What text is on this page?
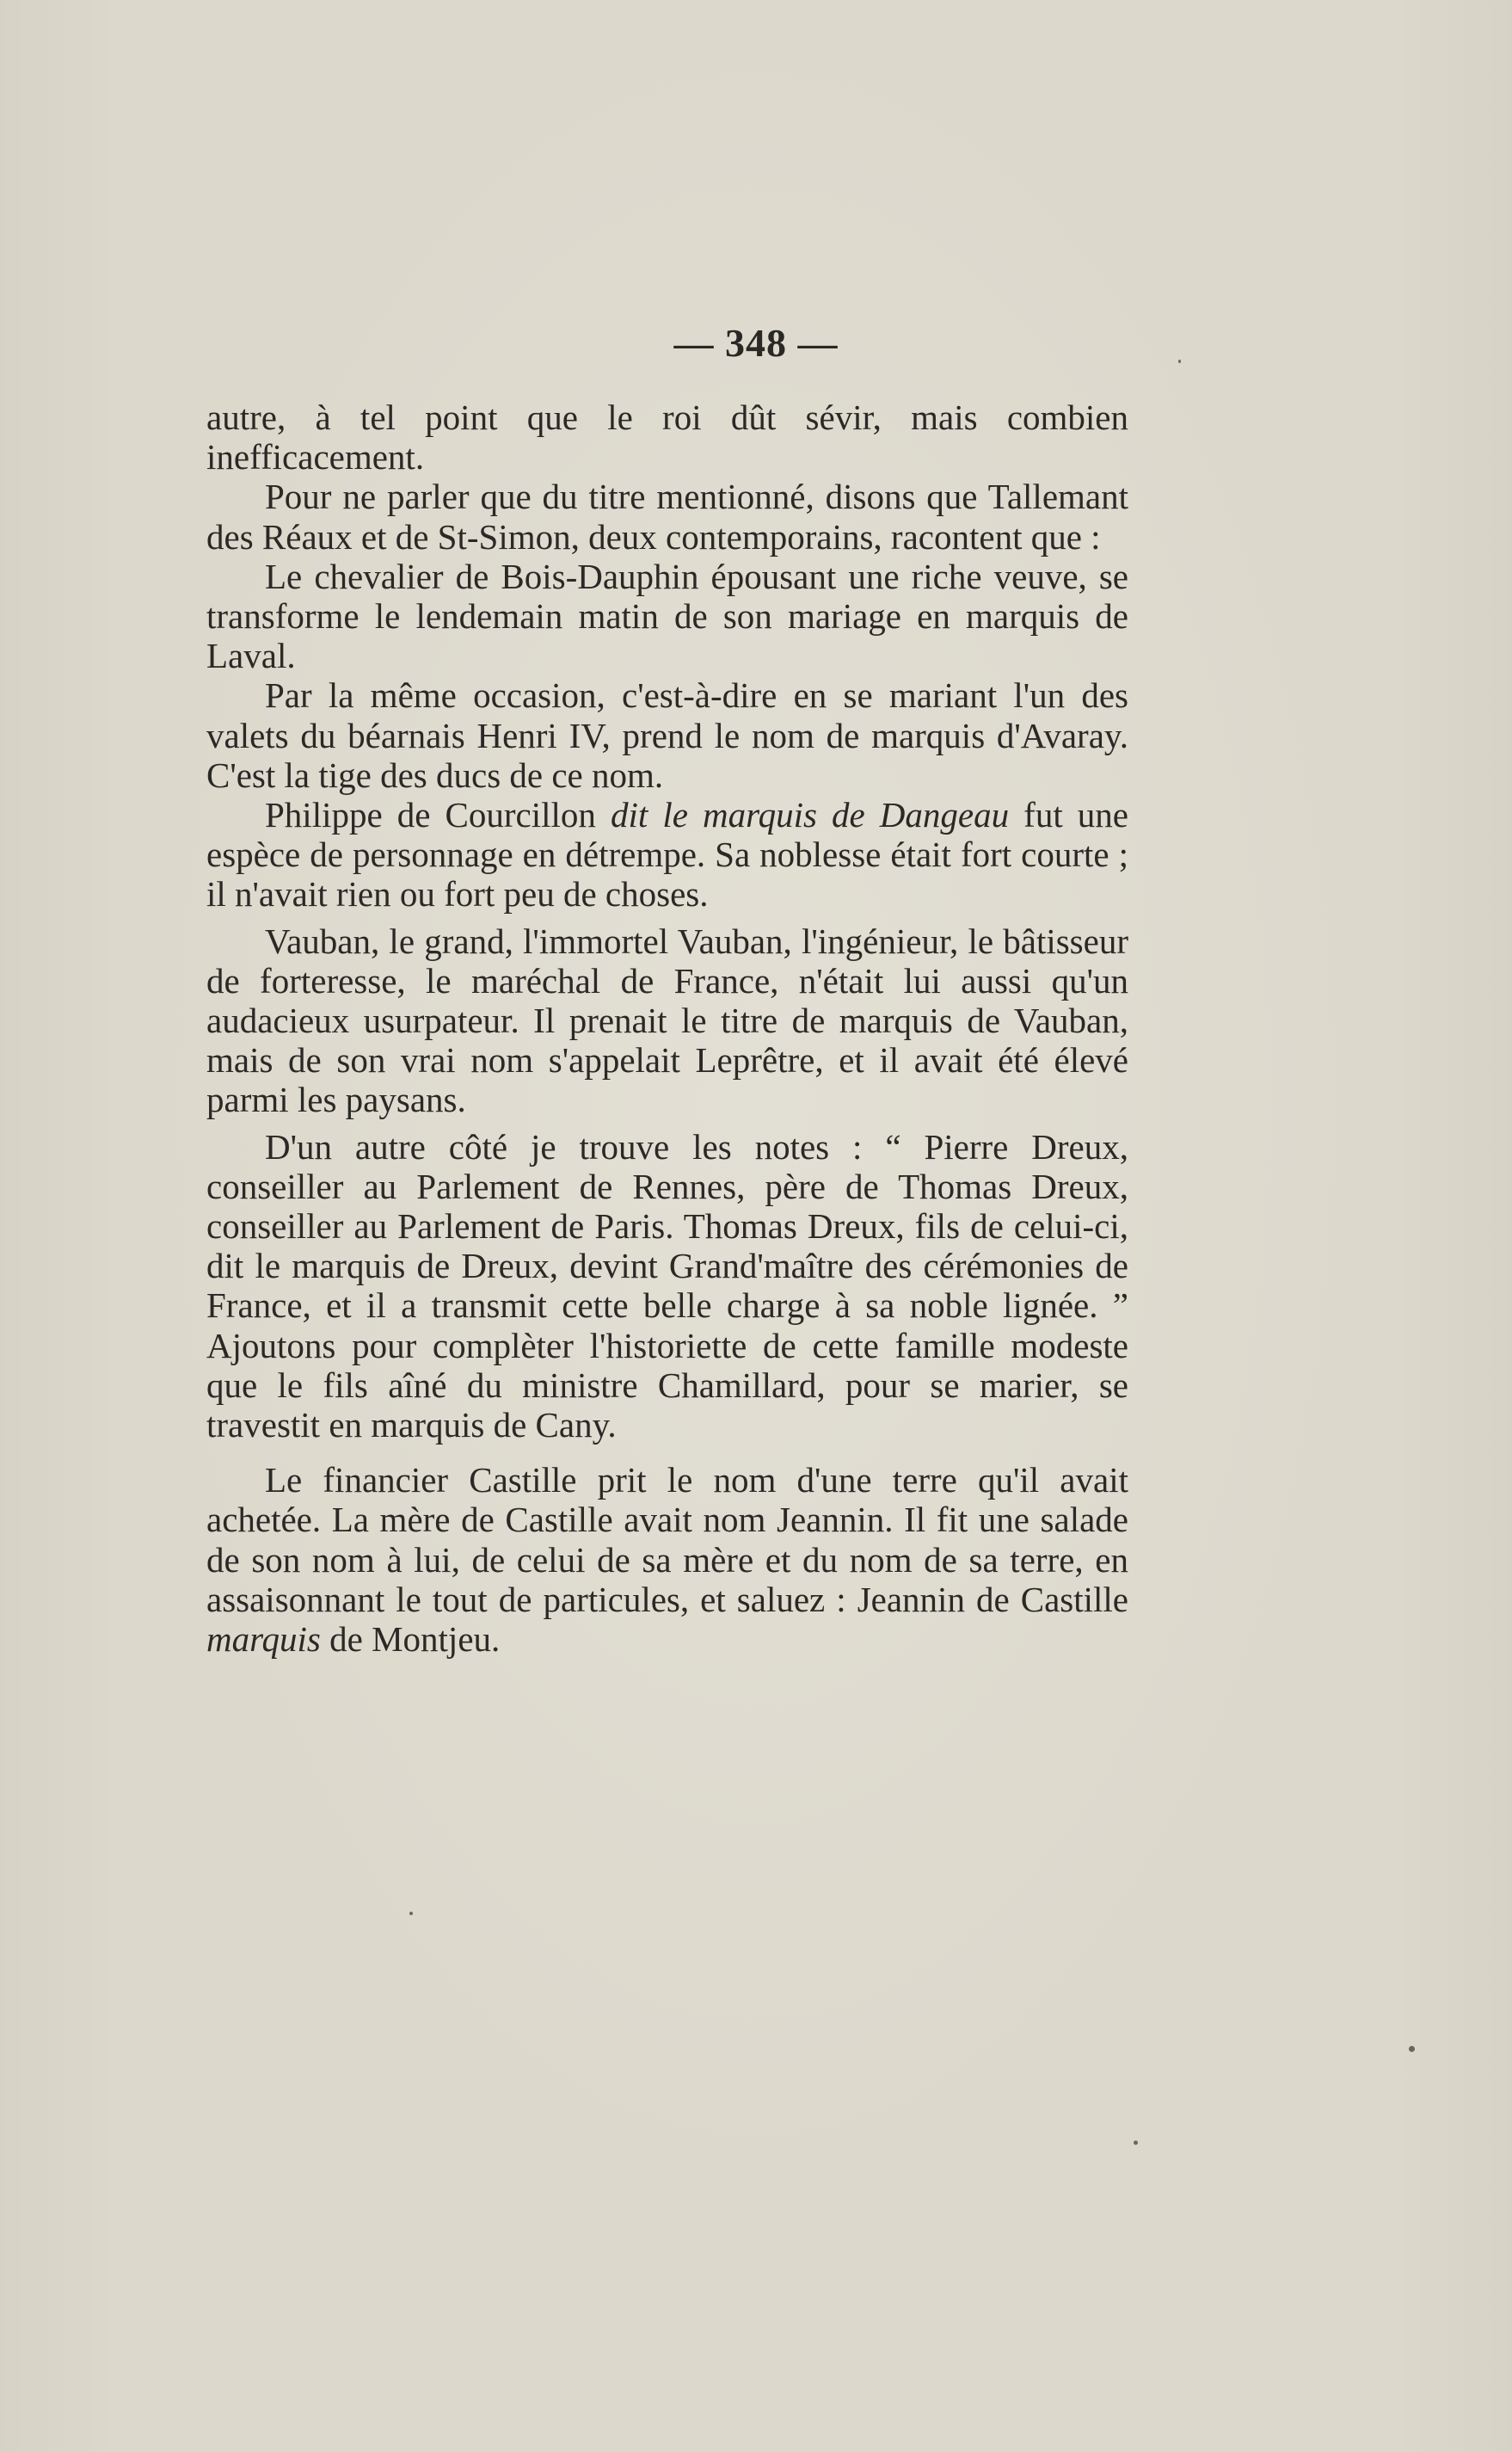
— 348 —

autre, à tel point que le roi dût sévir, mais combien inefficacement.

Pour ne parler que du titre mentionné, disons que Tallemant des Réaux et de St-Simon, deux contemporains, racontent que :

Le chevalier de Bois-Dauphin épousant une riche veuve, se transforme le lendemain matin de son mariage en marquis de Laval.

Par la même occasion, c'est-à-dire en se mariant l'un des valets du béarnais Henri IV, prend le nom de marquis d'Avaray. C'est la tige des ducs de ce nom.

Philippe de Courcillon dit le marquis de Dangeau fut une espèce de personnage en détrempe. Sa noblesse était fort courte ; il n'avait rien ou fort peu de choses.

Vauban, le grand, l'immortel Vauban, l'ingénieur, le bâtisseur de forteresse, le maréchal de France, n'était lui aussi qu'un audacieux usurpateur. Il prenait le titre de marquis de Vauban, mais de son vrai nom s'appelait Leprêtre, et il avait été élevé parmi les paysans.

D'un autre côté je trouve les notes : “ Pierre Dreux, conseiller au Parlement de Rennes, père de Thomas Dreux, conseiller au Parlement de Paris. Thomas Dreux, fils de celui-ci, dit le marquis de Dreux, devint Grand'maître des cérémonies de France, et il a transmit cette belle charge à sa noble lignée. ” Ajoutons pour complèter l'historiette de cette famille modeste que le fils aîné du ministre Chamillard, pour se marier, se travestit en marquis de Cany.

Le financier Castille prit le nom d'une terre qu'il avait achetée. La mère de Castille avait nom Jeannin. Il fit une salade de son nom à lui, de celui de sa mère et du nom de sa terre, en assaisonnant le tout de particules, et saluez : Jeannin de Castille marquis de Montjeu.
